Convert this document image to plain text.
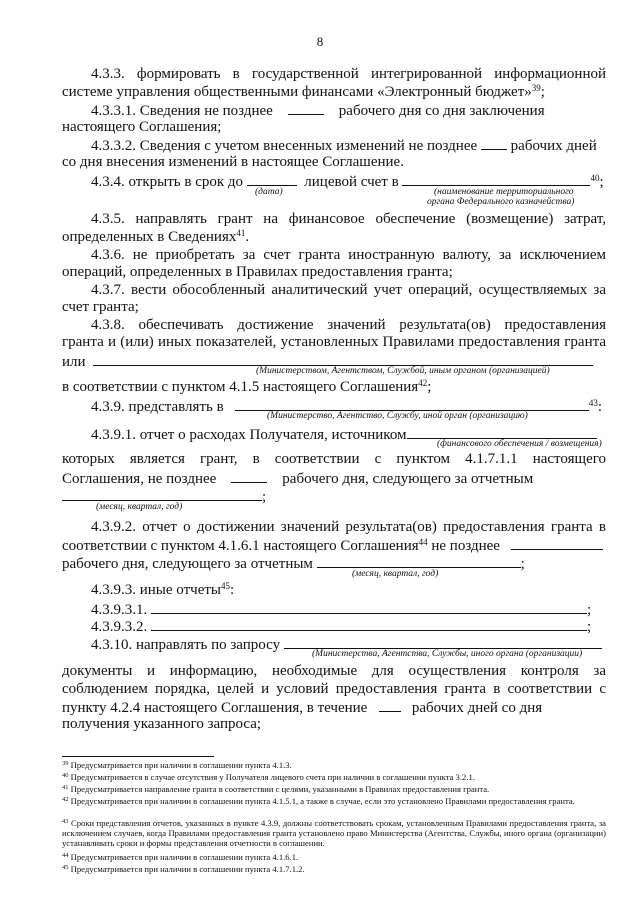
8
4.3.3. формировать в государственной интегрированной информационной
системе управления общественными финансами «Электронный бюджет»$^{39}$;
4.3.3.1. Сведения не позднее	рабочего дня со дня заключения
настоящего Соглашения;
4.3.3.2. Сведения с учетом внесенных изменений не позднее рабочих дней
со дня внесения изменений в настоящее Соглашение.
4.3.4. открыть в срок до	лицевой счет в	$^{40}$;
(дата)	(наименование территориального
органа Федерального казначейства)
4.3.5. направлять грант на финансовое обеспечение (возмещение) затрат,
определенных в Сведениях$^{41}$.
4.3.6. не приобретать за счет гранта иностранную валюту, за исключением
операций, определенных в Правилах предоставления гранта;
4.3.7. вести обособленный аналитический учет операций, осуществляемых за
счет гранта;
4.3.8. обеспечивать достижение значений результата(ов) предоставления
гранта и (или) иных показателей, установленных Правилами предоставления гранта
или
(Министерством, Агентством, Службой, иным органом (организацией)
в соответствии с пунктом 4.1.5 настоящего Соглашения$^{42}$;
4.3.9. представлять в	$^{43}$:
(Министерство, Агентство, Службу, иной орган (организацию)
4.3.9.1. отчет о расходах Получателя, источником
(финансового обеспечения / возмещения)
которых является грант, в соответствии с пунктом 4.1.7.1.1 настоящего
Соглашения, не позднее	рабочего дня, следующего за отчетным
;
(месяц, квартал, год)
4.3.9.2. отчет о достижении значений результата(ов) предоставления гранта в
соответствии с пунктом 4.1.6.1 настоящего Соглашения$^{44}$ не позднее
рабочего дня, следующего за отчетным	;
(месяц, квартал, год)
4.3.9.3. иные отчеты$^{45}$:
4.3.9.3.1.	;
4.3.9.3.2.	;
4.3.10. направлять по запросу
(Министерства, Агентства, Службы, иного органа (организации)
документы и информацию, необходимые для осуществления контроля за
соблюдением порядка, целей и условий предоставления гранта в соответствии с
пункту 4.2.4 настоящего Соглашения, в течение	рабочих дней со дня
получения указанного запроса;
$^{39}$ Предусматривается при наличии в соглашении пункта 4.1.3.
$^{40}$ Предусматривается в случае отсутствия у Получателя лицевого счета при наличии в соглашении пункта 3.2.1.
$^{41}$ Предусматривается направление гранта в соответствии с целями, указанными в Правилах предоставления гранта.
$^{42}$ Предусматривается при наличии в соглашении пункта 4.1.5.1, а также в случае, если это установлено Правилами предоставления гранта.
$^{43}$ Сроки представления отчетов, указанных в пункте 4.3.9, должны соответствовать срокам, установленным Правилами предоставления гранта, за исключением случаев, когда Правилами предоставления гранта установлено право Министерства (Агентства, Службы, иного органа (организации) устанавливать сроки и формы представления отчетности в соглашении.
$^{44}$ Предусматривается при наличии в соглашении пункта 4.1.6.1.
$^{45}$ Предусматривается при наличии в соглашении пункта 4.1.7.1.2.
